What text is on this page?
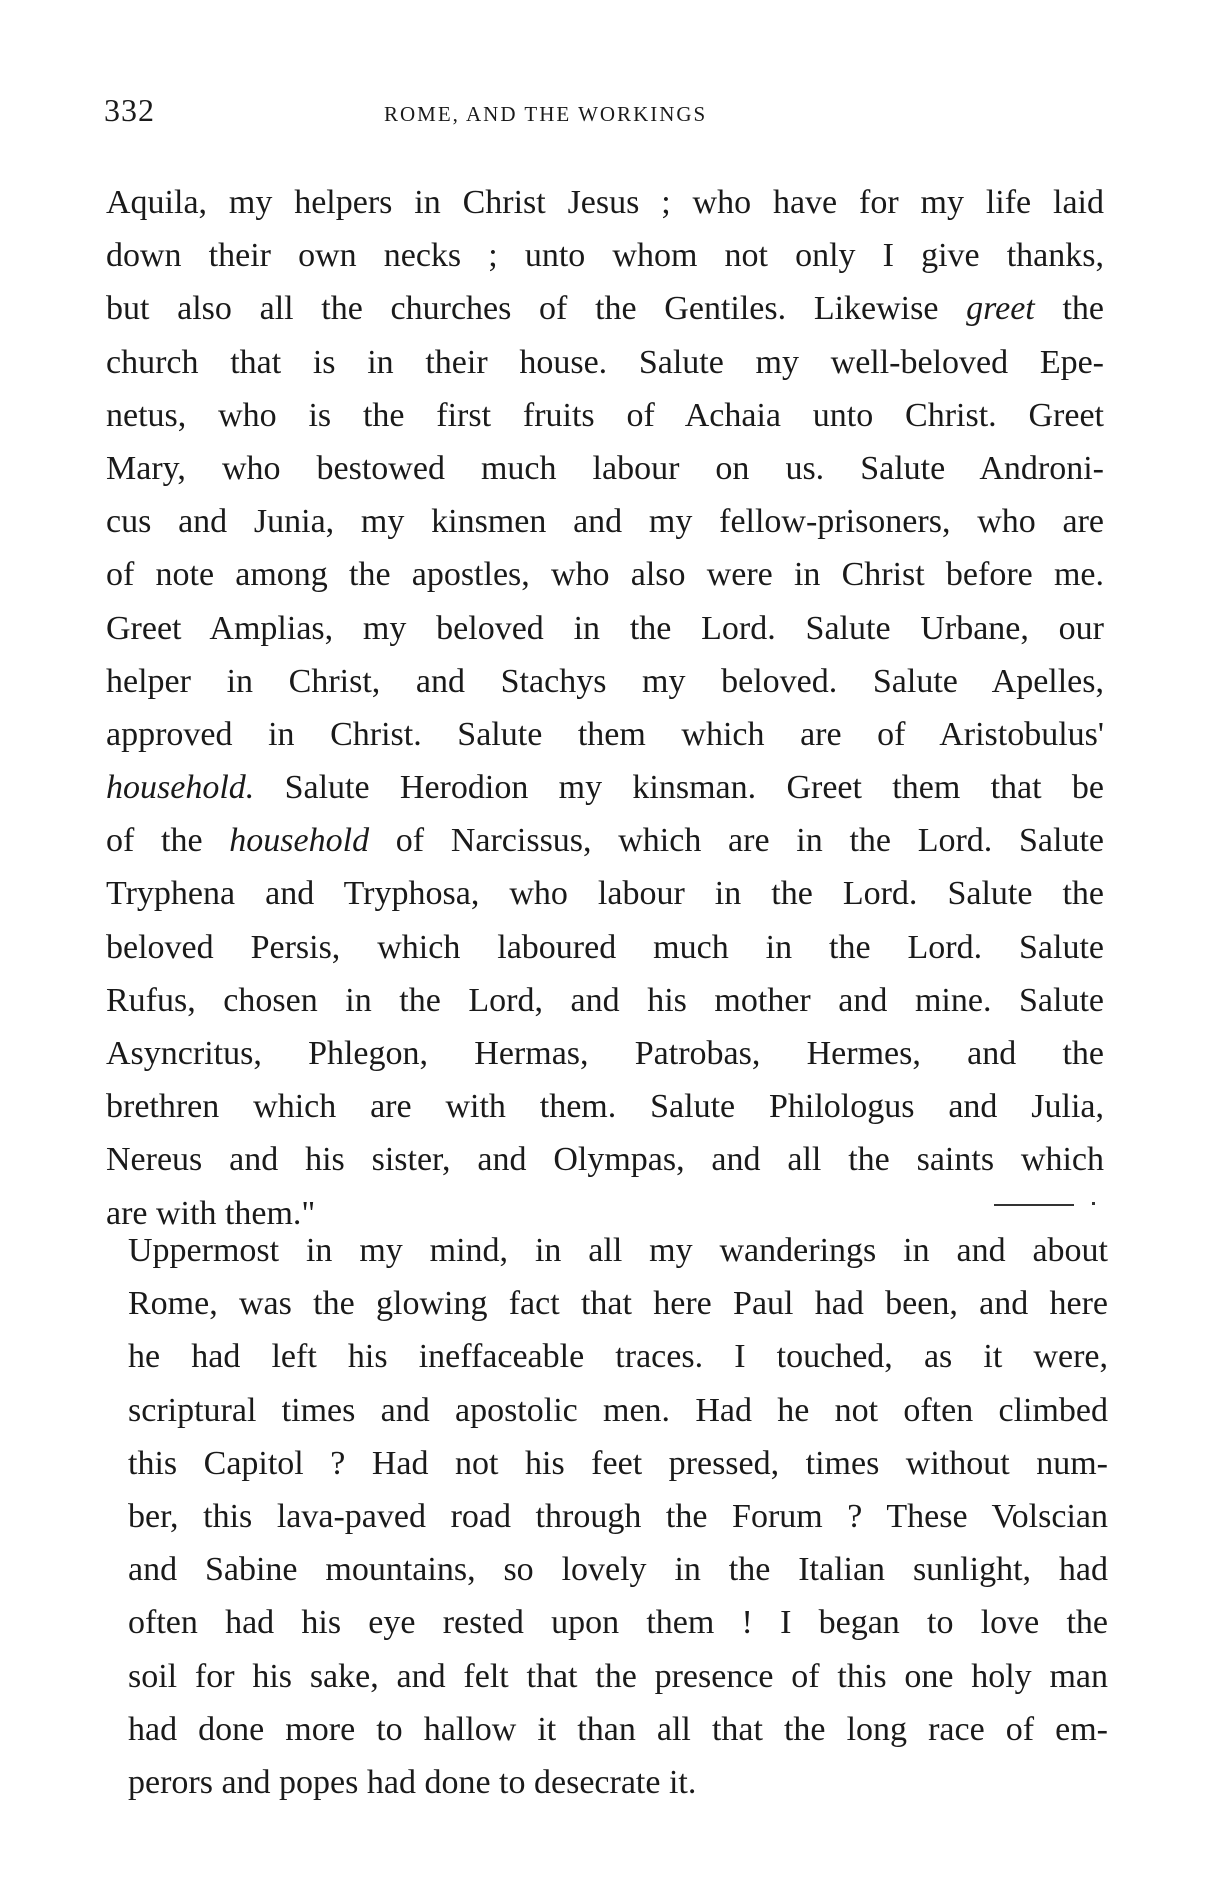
332	ROME, AND THE WORKINGS
Aquila, my helpers in Christ Jesus ; who have for my life laid
down their own necks ; unto whom not only I give thanks,
but also all the churches of the Gentiles. Likewise greet the
church that is in their house. Salute my well-beloved Epe-
netus, who is the first fruits of Achaia unto Christ. Greet
Mary, who bestowed much labour on us. Salute Androni-
cus and Junia, my kinsmen and my fellow-prisoners, who are
of note among the apostles, who also were in Christ before me.
Greet Amplias, my beloved in the Lord. Salute Urbane, our
helper in Christ, and Stachys my beloved. Salute Apelles,
approved in Christ. Salute them which are of Aristobulus'
household. Salute Herodion my kinsman. Greet them that be
of the household of Narcissus, which are in the Lord. Salute
Tryphena and Tryphosa, who labour in the Lord. Salute the
beloved Persis, which laboured much in the Lord. Salute
Rufus, chosen in the Lord, and his mother and mine. Salute
Asyncritus, Phlegon, Hermas, Patrobas, Hermes, and the
brethren which are with them. Salute Philologus and Julia,
Nereus and his sister, and Olympas, and all the saints which
are with them."
Uppermost in my mind, in all my wanderings in and about
Rome, was the glowing fact that here Paul had been, and here
he had left his ineffaceable traces. I touched, as it were,
scriptural times and apostolic men. Had he not often climbed
this Capitol ? Had not his feet pressed, times without num-
ber, this lava-paved road through the Forum ? These Volscian
and Sabine mountains, so lovely in the Italian sunlight, had
often had his eye rested upon them ! I began to love the
soil for his sake, and felt that the presence of this one holy man
had done more to hallow it than all that the long race of em-
perors and popes had done to desecrate it.
